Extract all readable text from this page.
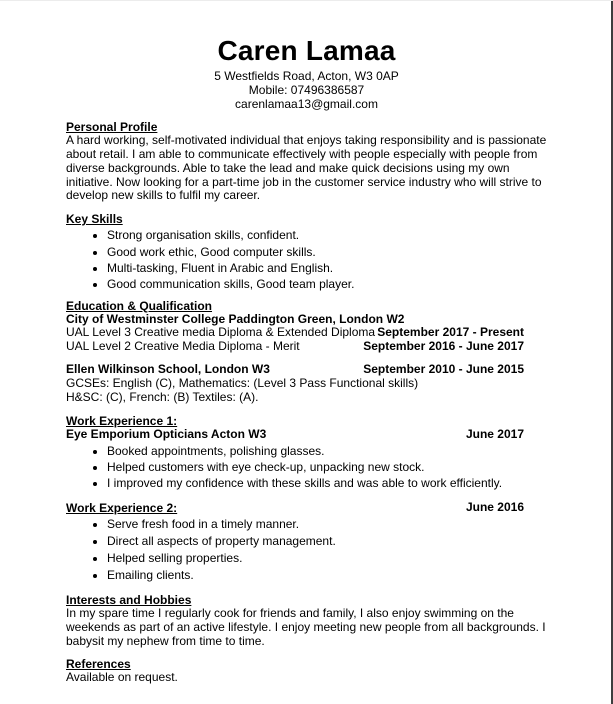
Caren Lamaa
5 Westfields Road, Acton, W3 0AP
Mobile: 07496386587
carenlamaa13@gmail.com
Personal Profile

A hard working, self-motivated individual that enjoys taking responsibility and is passionate about retail. I am able to communicate effectively with people especially with people from diverse backgrounds. Able to take the lead and make quick decisions using my own initiative. Now looking for a part-time job in the customer service industry who will strive to develop new skills to fulfil my career.

Key Skills
• Strong organisation skills, confident.
• Good work ethic, Good computer skills.
• Multi-tasking, Fluent in Arabic and English.
• Good communication skills, Good team player.
Education & Qualification
City of Westminster College Paddington Green, London W2
UAL Level 3 Creative media Diploma & Extended Diploma September 2017 - Present
UAL Level 2 Creative Media Diploma - Merit	September 2016 - June 2017
Ellen Wilkinson School, London W3	September 2010 - June 2015
GCSEs: English (C), Mathematics: (Level 3 Pass Functional skills)
H&SC: (C), French: (B) Textiles: (A).
Work Experience 1:
Eye Emporium Opticians Acton W3	June 2017
• Booked appointments, polishing glasses.
• Helped customers with eye check-up, unpacking new stock.
• I improved my confidence with these skills and was able to work efficiently.
Work Experience 2:	June 2016
• Serve fresh food in a timely manner.
• Direct all aspects of property management.
• Helped selling properties.
• Emailing clients.
Interests and Hobbies

In my spare time I regularly cook for friends and family, I also enjoy swimming on the weekends as part of an active lifestyle. I enjoy meeting new people from all backgrounds. I babysit my nephew from time to time.

References

Available on request.
